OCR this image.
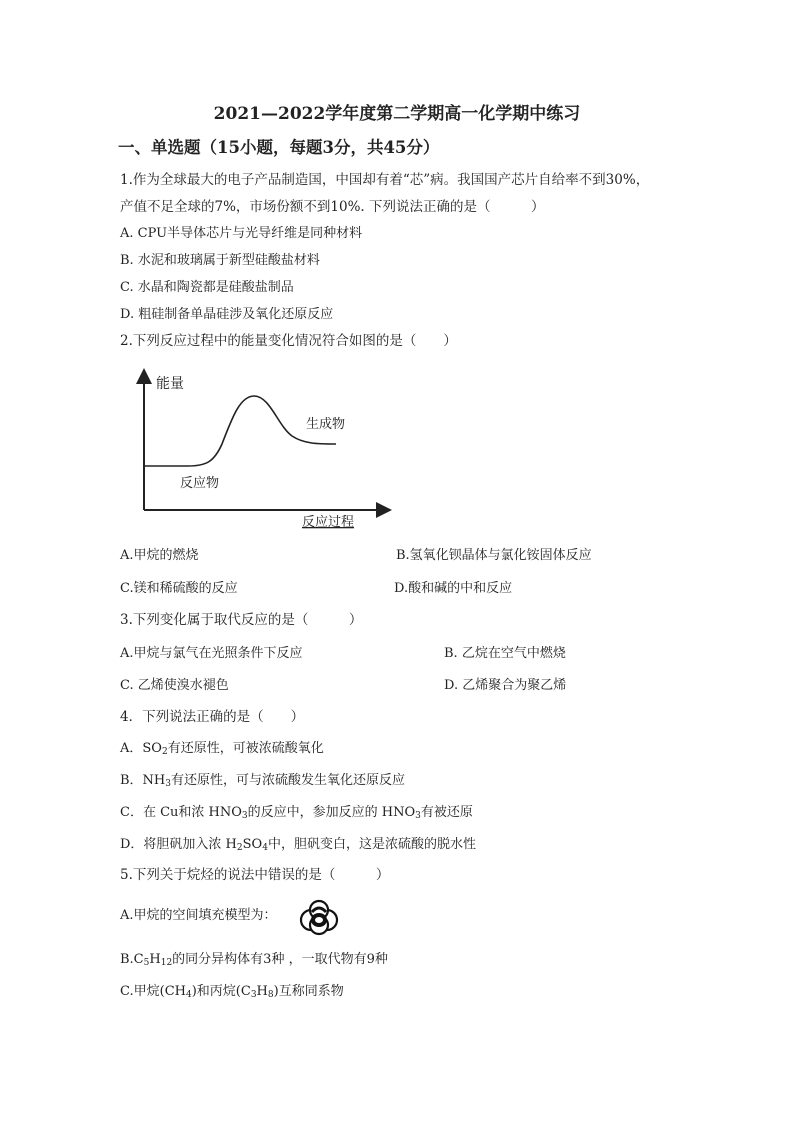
2021—2022学年度第二学期高一化学期中练习
一、单选题（15小题，每题3分，共45分）
1.作为全球最大的电子产品制造国，中国却有着“芯”病。我国国产芯片自给率不到30%，
产值不足全球的7%，市场份额不到10%. 下列说法正确的是（　　　）
A. CPU半导体芯片与光导纤维是同种材料
B. 水泥和玻璃属于新型硅酸盐材料
C. 水晶和陶瓷都是硅酸盐制品
D. 粗硅制备单晶硅涉及氧化还原反应
2.下列反应过程中的能量变化情况符合如图的是（　　）
能量
生成物
反应物
反应过程
A.甲烷的燃烧	B.氢氧化钡晶体与氯化铵固体反应
C.镁和稀硫酸的反应	D.酸和碱的中和反应
3.下列变化属于取代反应的是（　　　）
A.甲烷与氯气在光照条件下反应	B. 乙烷在空气中燃烧
C. 乙烯使溴水褪色	D. 乙烯聚合为聚乙烯
4．下列说法正确的是（　　）
A．$SO_2$有还原性，可被浓硫酸氧化
B．$NH_3$有还原性，可与浓硫酸发生氧化还原反应
C．在 Cu和浓 $HNO_3$的反应中，参加反应的 $HNO_3$有被还原
D．将胆矾加入浓 $H_2SO_4$中，胆矾变白，这是浓硫酸的脱水性
5.下列关于烷烃的说法中错误的是（　　　）
A.甲烷的空间填充模型为：
$B.C_5H_{12}$的同分异构体有3种 ，一取代物有9种
C.甲烷$(CH_4)$和丙烷$(C_3H_8)$互称同系物
